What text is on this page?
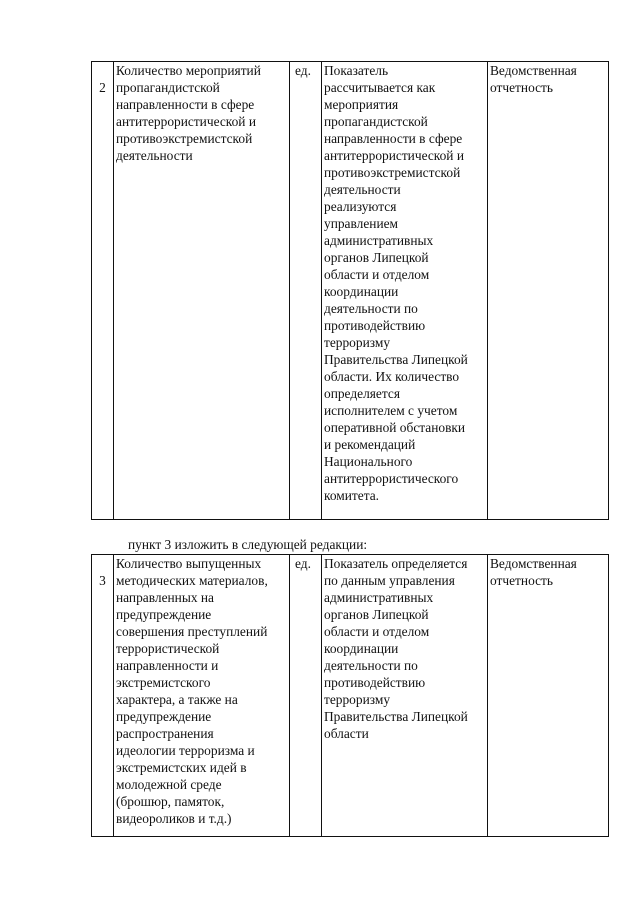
2
	Количество мероприятий
пропагандистской
направленности в сфере
антитеррористической и
противоэкстремистской
деятельности	ед.	Показатель
рассчитывается как
мероприятия
пропагандистской
направленности в сфере
антитеррористической и
противоэкстремистской
деятельности
реализуются
управлением
административных
органов Липецкой
области и отделом
координации
деятельности по
противодействию
терроризму
Правительства Липецкой
области. Их количество
определяется
исполнителем с учетом
оперативной обстановки
и рекомендаций
Национального
антитеррористического
комитета.	Ведомственная
отчетность
пункт 3 изложить в следующей редакции:
3
	Количество выпущенных
методических материалов,
направленных на
предупреждение
совершения преступлений
террористической
направленности и
экстремистского
характера, а также на
предупреждение
распространения
идеологии терроризма и
экстремистских идей в
молодежной среде
(брошюр, памяток,
видеороликов и т.д.)	ед.	Показатель определяется
по данным управления
административных
органов Липецкой
области и отделом
координации
деятельности по
противодействию
терроризму
Правительства Липецкой
области	Ведомственная
отчетность
